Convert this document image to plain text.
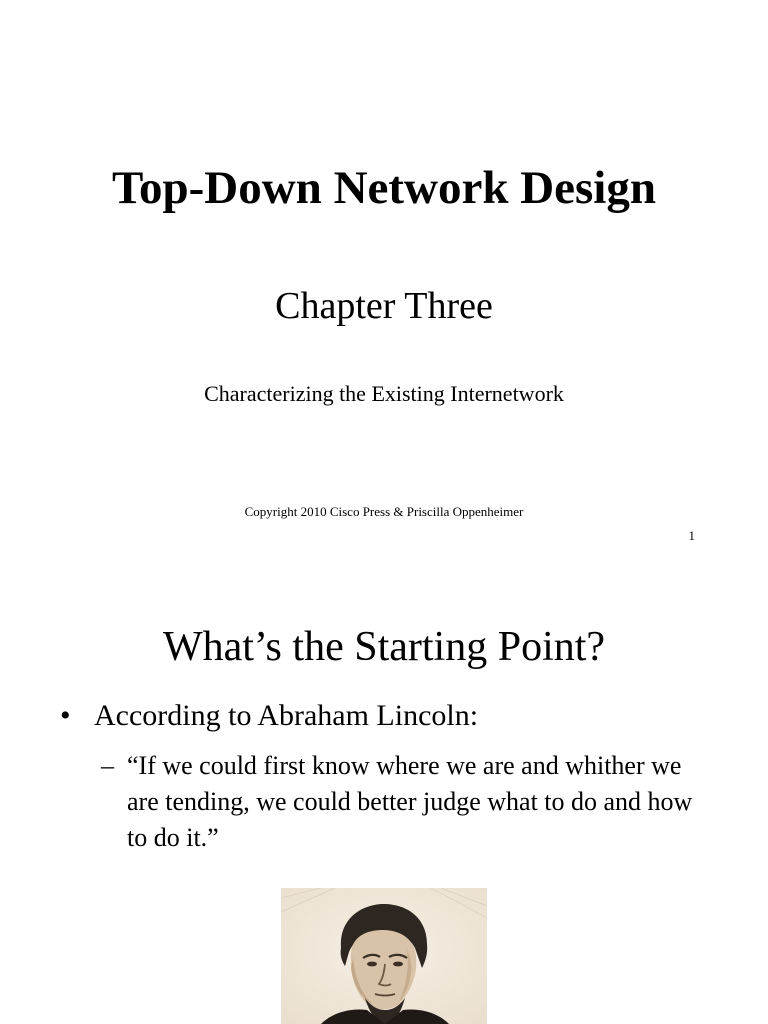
Top-Down Network Design
Chapter Three
Characterizing the Existing Internetwork
Copyright 2010 Cisco Press & Priscilla Oppenheimer
1
What’s the Starting Point?
• According to Abraham Lincoln:
– “If we could first know where we are and whither we are tending, we could better judge what to do and how to do it.”
